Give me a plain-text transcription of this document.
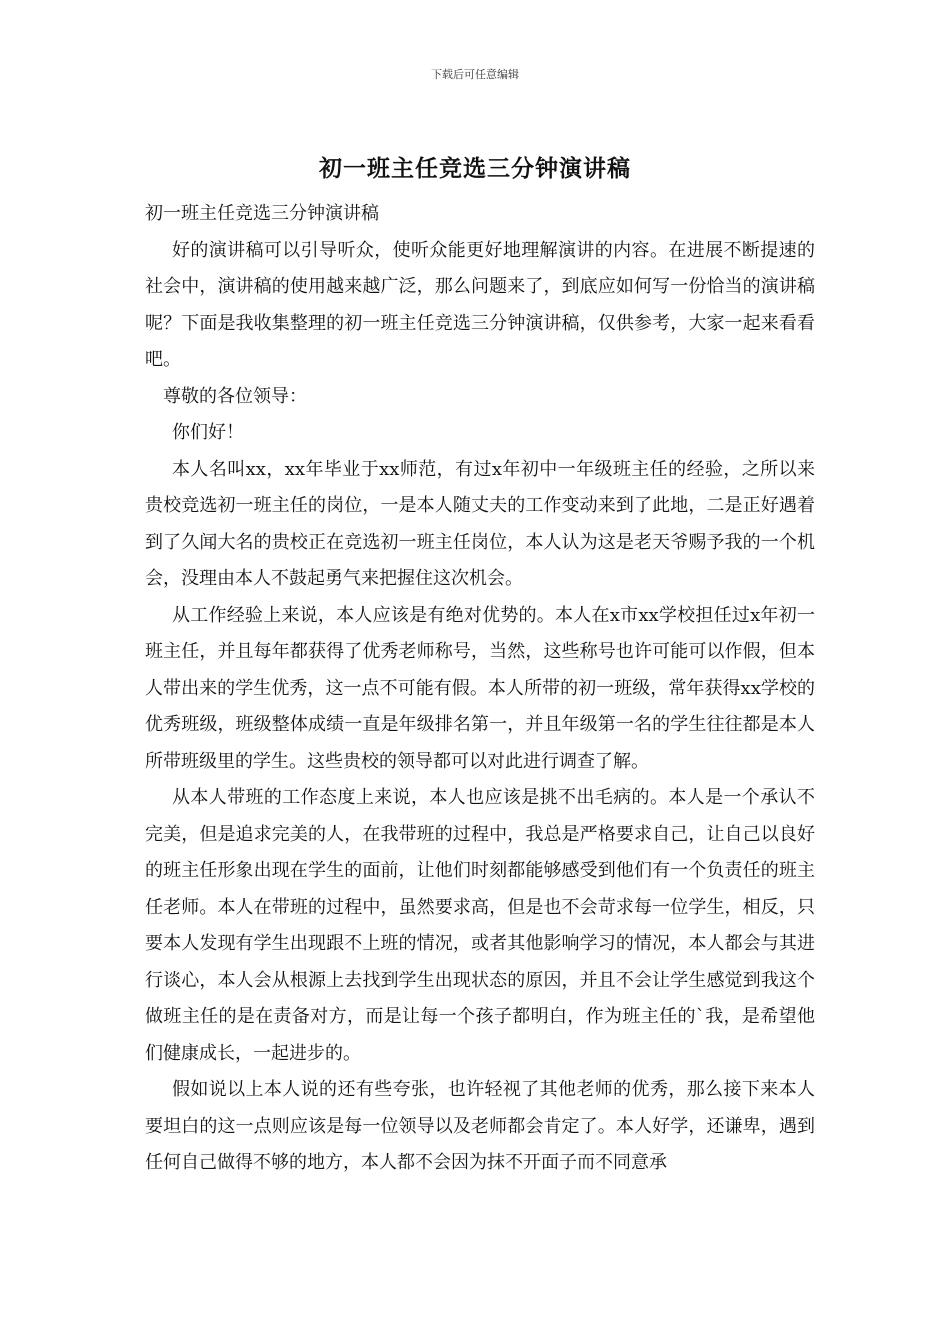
下载后可任意编辑
初一班主任竞选三分钟演讲稿

初一班主任竞选三分钟演讲稿

好的演讲稿可以引导听众，使听众能更好地理解演讲的内容。在进展不断提速的社会中，演讲稿的使用越来越广泛，那么问题来了，到底应如何写一份恰当的演讲稿呢？下面是我收集整理的初一班主任竞选三分钟演讲稿，仅供参考，大家一起来看看吧。

尊敬的各位领导：

你们好！

本人名叫xx，xx年毕业于xx师范，有过x年初中一年级班主任的经验，之所以来贵校竞选初一班主任的岗位，一是本人随丈夫的工作变动来到了此地，二是正好遇着到了久闻大名的贵校正在竞选初一班主任岗位，本人认为这是老天爷赐予我的一个机会，没理由本人不鼓起勇气来把握住这次机会。

从工作经验上来说，本人应该是有绝对优势的。本人在x市xx学校担任过x年初一班主任，并且每年都获得了优秀老师称号，当然，这些称号也许可能可以作假，但本人带出来的学生优秀，这一点不可能有假。本人所带的初一班级，常年获得xx学校的优秀班级，班级整体成绩一直是年级排名第一，并且年级第一名的学生往往都是本人所带班级里的学生。这些贵校的领导都可以对此进行调查了解。

从本人带班的工作态度上来说，本人也应该是挑不出毛病的。本人是一个承认不完美，但是追求完美的人，在我带班的过程中，我总是严格要求自己，让自己以良好的班主任形象出现在学生的面前，让他们时刻都能够感受到他们有一个负责任的班主任老师。本人在带班的过程中，虽然要求高，但是也不会苛求每一位学生，相反，只要本人发现有学生出现跟不上班的情况，或者其他影响学习的情况，本人都会与其进行谈心，本人会从根源上去找到学生出现状态的原因，并且不会让学生感觉到我这个做班主任的是在责备对方，而是让每一个孩子都明白，作为班主任的`我，是希望他们健康成长，一起进步的。

假如说以上本人说的还有些夸张，也许轻视了其他老师的优秀，那么接下来本人要坦白的这一点则应该是每一位领导以及老师都会肯定了。本人好学，还谦卑，遇到任何自己做得不够的地方，本人都不会因为抹不开面子而不同意承
